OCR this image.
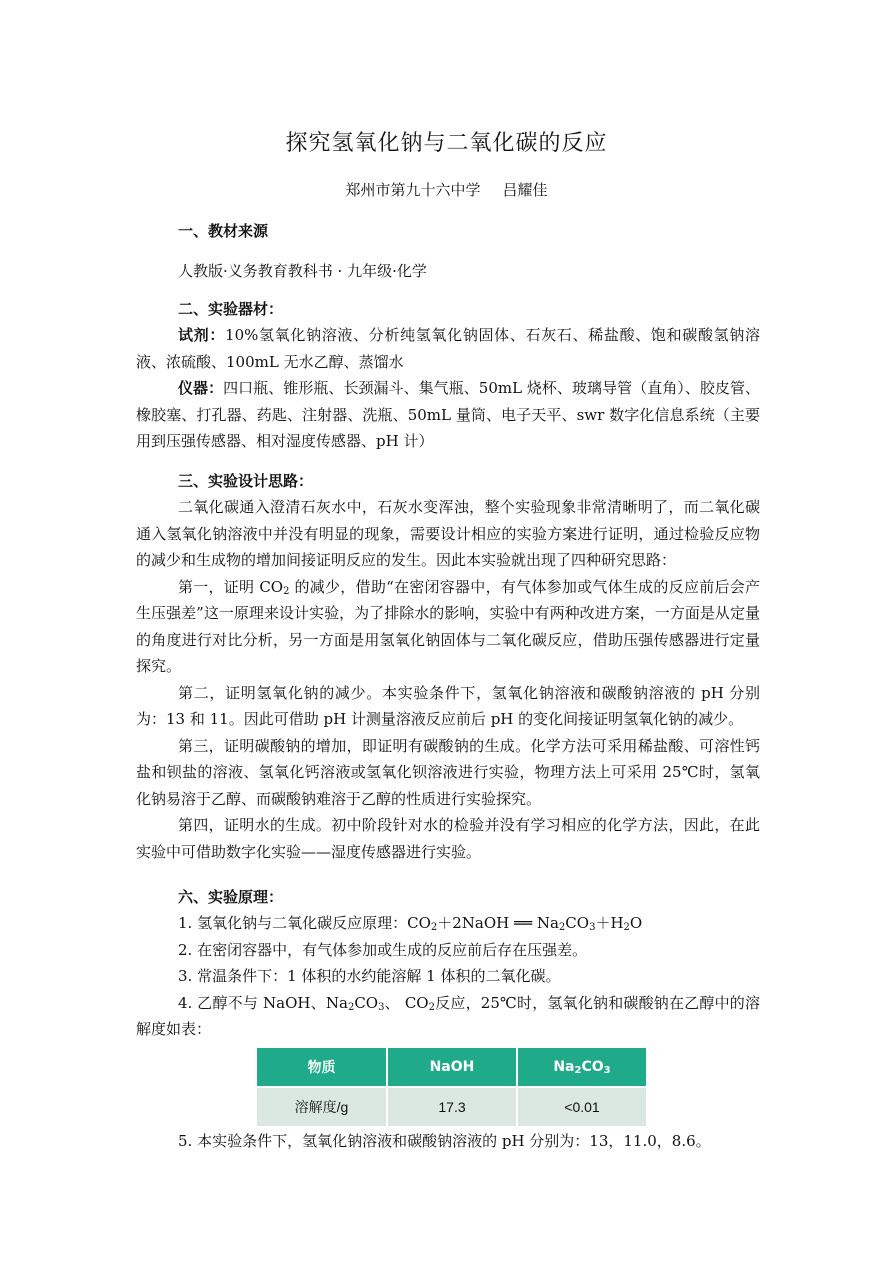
探究氢氧化钠与二氧化碳的反应
郑州市第九十六中学 吕耀佳
一、教材来源
人教版·义务教育教科书 · 九年级·化学
二、实验器材：
试剂：10%氢氧化钠溶液、分析纯氢氧化钠固体、石灰石、稀盐酸、饱和碳酸氢钠溶液、浓硫酸、100mL 无水乙醇、蒸馏水
仪器：四口瓶、锥形瓶、长颈漏斗、集气瓶、50mL 烧杯、玻璃导管（直角）、胶皮管、橡胶塞、打孔器、药匙、注射器、洗瓶、50mL 量筒、电子天平、swr 数字化信息系统（主要用到压强传感器、相对湿度传感器、pH 计）
三、实验设计思路：
二氧化碳通入澄清石灰水中，石灰水变浑浊，整个实验现象非常清晰明了，而二氧化碳通入氢氧化钠溶液中并没有明显的现象，需要设计相应的实验方案进行证明，通过检验反应物的减少和生成物的增加间接证明反应的发生。因此本实验就出现了四种研究思路：
第一，证明 $CO_2$ 的减少，借助“在密闭容器中，有气体参加或气体生成的反应前后会产生压强差”这一原理来设计实验，为了排除水的影响，实验中有两种改进方案，一方面是从定量的角度进行对比分析，另一方面是用氢氧化钠固体与二氧化碳反应，借助压强传感器进行定量探究。
第二，证明氢氧化钠的减少。本实验条件下，氢氧化钠溶液和碳酸钠溶液的 pH 分别为：13 和 11。因此可借助 pH 计测量溶液反应前后 pH 的变化间接证明氢氧化钠的减少。
第三，证明碳酸钠的增加，即证明有碳酸钠的生成。化学方法可采用稀盐酸、可溶性钙盐和钡盐的溶液、氢氧化钙溶液或氢氧化钡溶液进行实验，物理方法上可采用 25℃时，氢氧化钠易溶于乙醇、而碳酸钠难溶于乙醇的性质进行实验探究。
第四，证明水的生成。初中阶段针对水的检验并没有学习相应的化学方法，因此，在此实验中可借助数字化实验——湿度传感器进行实验。
六、实验原理：
1. 氢氧化钠与二氧化碳反应原理：$CO_2+2NaOH$ ══ $Na_2CO_3+H_2O$
2. 在密闭容器中，有气体参加或生成的反应前后存在压强差。
3. 常温条件下：1 体积的水约能溶解 1 体积的二氧化碳。
4. 乙醇不与 NaOH、$Na_2CO_3$、 $CO_2$反应，25℃时，氢氧化钠和碳酸钠在乙醇中的溶解度如表：
物质	NaOH	$Na_2CO_3$
溶解度/g	17.3	<0.01
5. 本实验条件下，氢氧化钠溶液和碳酸钠溶液的 pH 分别为：13，11.0，8.6。
